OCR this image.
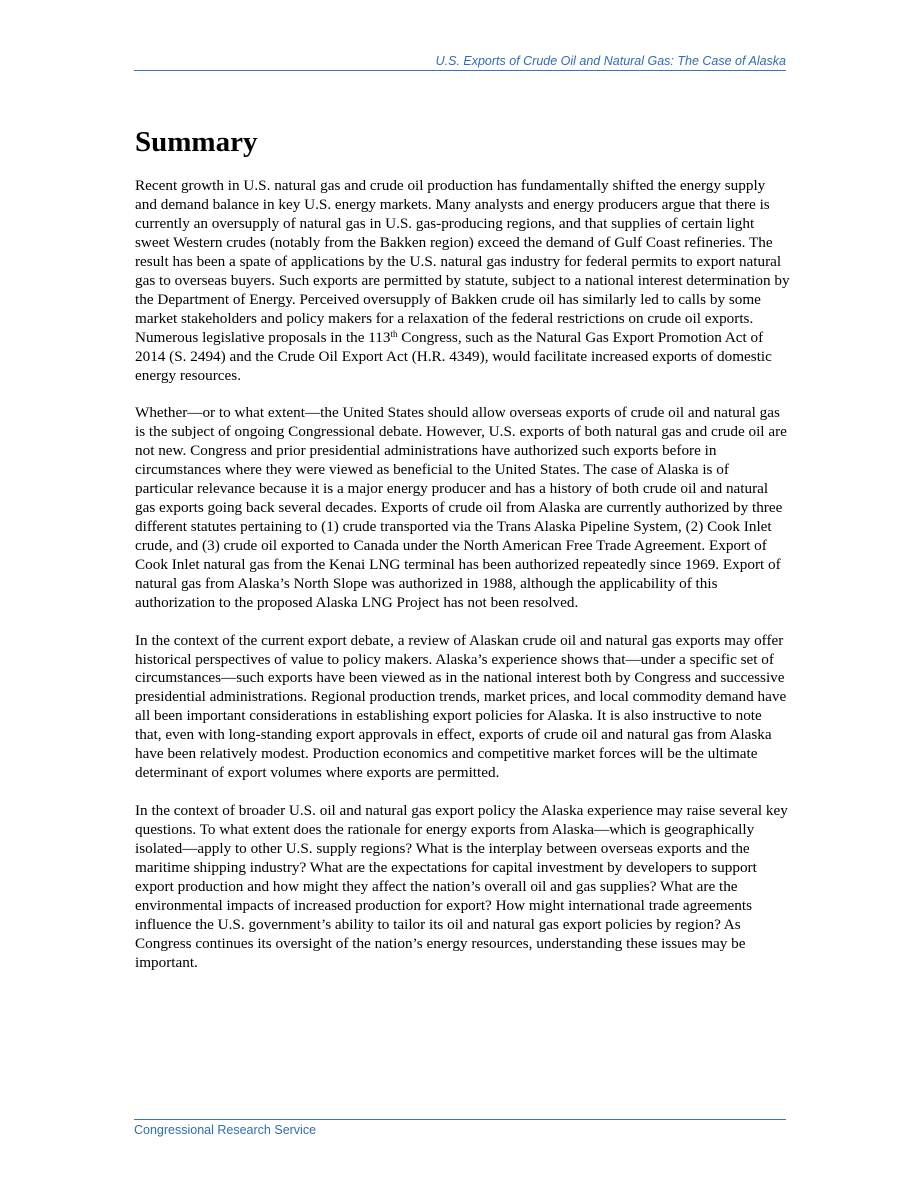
U.S. Exports of Crude Oil and Natural Gas: The Case of Alaska
Summary

Recent growth in U.S. natural gas and crude oil production has fundamentally shifted the energy supply and demand balance in key U.S. energy markets. Many analysts and energy producers argue that there is currently an oversupply of natural gas in U.S. gas-producing regions, and that supplies of certain light sweet Western crudes (notably from the Bakken region) exceed the demand of Gulf Coast refineries. The result has been a spate of applications by the U.S. natural gas industry for federal permits to export natural gas to overseas buyers. Such exports are permitted by statute, subject to a national interest determination by the Department of Energy. Perceived oversupply of Bakken crude oil has similarly led to calls by some market stakeholders and policy makers for a relaxation of the federal restrictions on crude oil exports. Numerous legislative proposals in the 113th Congress, such as the Natural Gas Export Promotion Act of 2014 (S. 2494) and the Crude Oil Export Act (H.R. 4349), would facilitate increased exports of domestic energy resources.

Whether—or to what extent—the United States should allow overseas exports of crude oil and natural gas is the subject of ongoing Congressional debate. However, U.S. exports of both natural gas and crude oil are not new. Congress and prior presidential administrations have authorized such exports before in circumstances where they were viewed as beneficial to the United States. The case of Alaska is of particular relevance because it is a major energy producer and has a history of both crude oil and natural gas exports going back several decades. Exports of crude oil from Alaska are currently authorized by three different statutes pertaining to (1) crude transported via the Trans Alaska Pipeline System, (2) Cook Inlet crude, and (3) crude oil exported to Canada under the North American Free Trade Agreement. Export of Cook Inlet natural gas from the Kenai LNG terminal has been authorized repeatedly since 1969. Export of natural gas from Alaska’s North Slope was authorized in 1988, although the applicability of this authorization to the proposed Alaska LNG Project has not been resolved.

In the context of the current export debate, a review of Alaskan crude oil and natural gas exports may offer historical perspectives of value to policy makers. Alaska’s experience shows that—under a specific set of circumstances—such exports have been viewed as in the national interest both by Congress and successive presidential administrations. Regional production trends, market prices, and local commodity demand have all been important considerations in establishing export policies for Alaska. It is also instructive to note that, even with long-standing export approvals in effect, exports of crude oil and natural gas from Alaska have been relatively modest. Production economics and competitive market forces will be the ultimate determinant of export volumes where exports are permitted.

In the context of broader U.S. oil and natural gas export policy the Alaska experience may raise several key questions. To what extent does the rationale for energy exports from Alaska—which is geographically isolated—apply to other U.S. supply regions? What is the interplay between overseas exports and the maritime shipping industry? What are the expectations for capital investment by developers to support export production and how might they affect the nation’s overall oil and gas supplies? What are the environmental impacts of increased production for export? How might international trade agreements influence the U.S. government’s ability to tailor its oil and natural gas export policies by region? As Congress continues its oversight of the nation’s energy resources, understanding these issues may be important.

Congressional Research Service
